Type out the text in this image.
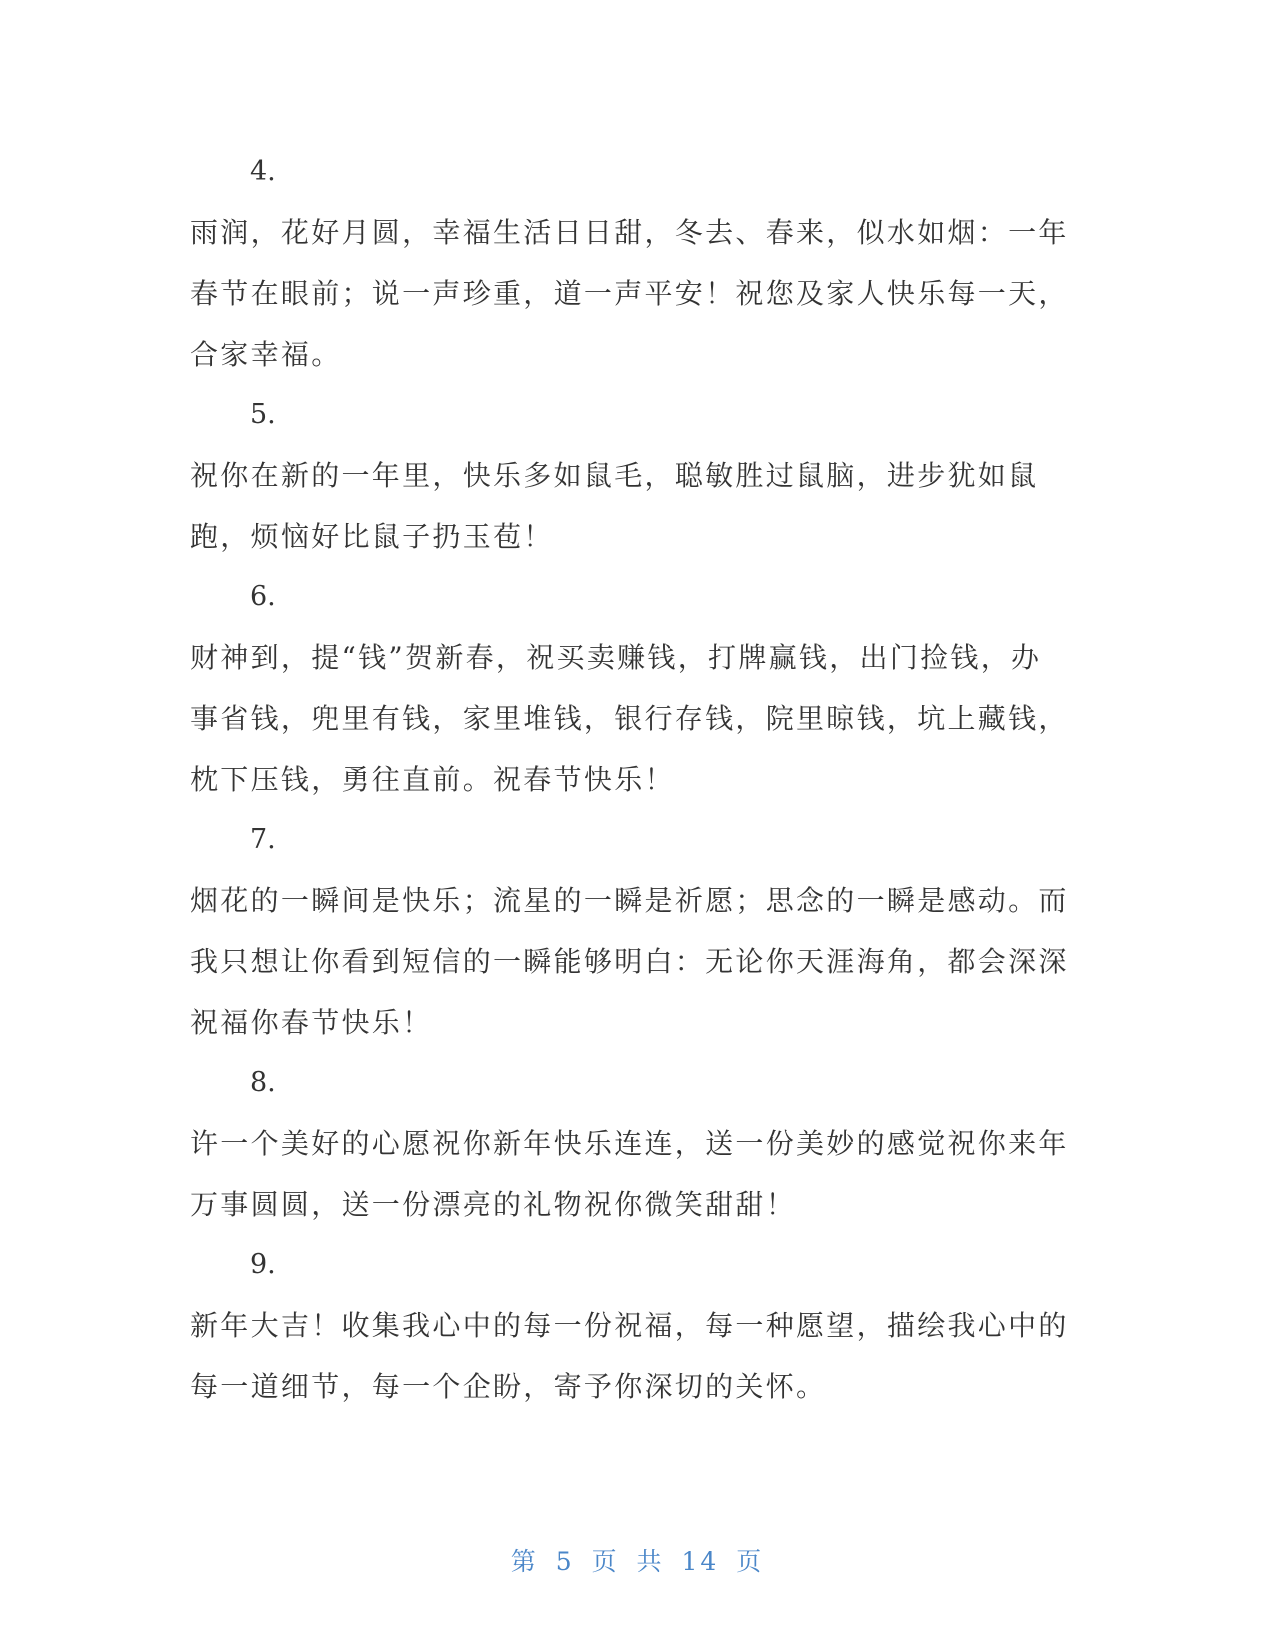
4.

雨润，花好月圆，幸福生活日日甜，冬去、春来，似水如烟：一年春节在眼前；说一声珍重，道一声平安！祝您及家人快乐每一天，合家幸福。

5.

祝你在新的一年里，快乐多如鼠毛，聪敏胜过鼠脑，进步犹如鼠跑，烦恼好比鼠子扔玉苞！

6.

财神到，提“钱”贺新春，祝买卖赚钱，打牌赢钱，出门捡钱，办事省钱，兜里有钱，家里堆钱，银行存钱，院里晾钱，坑上藏钱，枕下压钱，勇往直前。祝春节快乐！

7.

烟花的一瞬间是快乐；流星的一瞬是祈愿；思念的一瞬是感动。而我只想让你看到短信的一瞬能够明白：无论你天涯海角，都会深深祝福你春节快乐！

8.

许一个美好的心愿祝你新年快乐连连，送一份美妙的感觉祝你来年万事圆圆，送一份漂亮的礼物祝你微笑甜甜！

9.

新年大吉！收集我心中的每一份祝福，每一种愿望，描绘我心中的每一道细节，每一个企盼，寄予你深切的关怀。

第 5 页 共 14 页
